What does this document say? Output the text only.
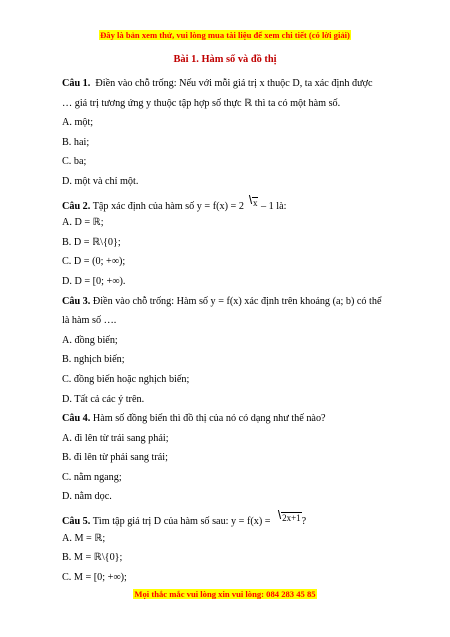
Đây là bản xem thử, vui lòng mua tài liệu để xem chi tiết (có lời giải)
Bài 1. Hàm số và đồ thị
Câu 1. Điền vào chỗ trống: Nếu với mỗi giá trị x thuộc D, ta xác định được
… giá trị tương ứng y thuộc tập hợp số thực ℝ thì ta có một hàm số.
A. một;
B. hai;
C. ba;
D. một và chỉ một.
Câu 2. Tập xác định của hàm số y = f(x) = 2 x – 1 là:
A. D = ℝ;
B. D = ℝ\{0};
C. D = (0; +∞);
D. D = [0; +∞).
Câu 3. Điền vào chỗ trống: Hàm số y = f(x) xác định trên khoảng (a; b) có thể
là hàm số ….
A. đồng biến;
B. nghịch biến;
C. đồng biến hoặc nghịch biến;
D. Tất cả các ý trên.
Câu 4. Hàm số đồng biến thì đồ thị của nó có dạng như thế nào?
A. đi lên từ trái sang phải;
B. đi lên từ phải sang trái;
C. nằm ngang;
D. nằm dọc.
Câu 5. Tìm tập giá trị D của hàm số sau: y = f(x) = 2x+1?
A. M = ℝ;
B. M = ℝ\{0};
C. M = [0; +∞);
Mọi thắc mắc vui lòng xin vui lòng: 084 283 45 85
